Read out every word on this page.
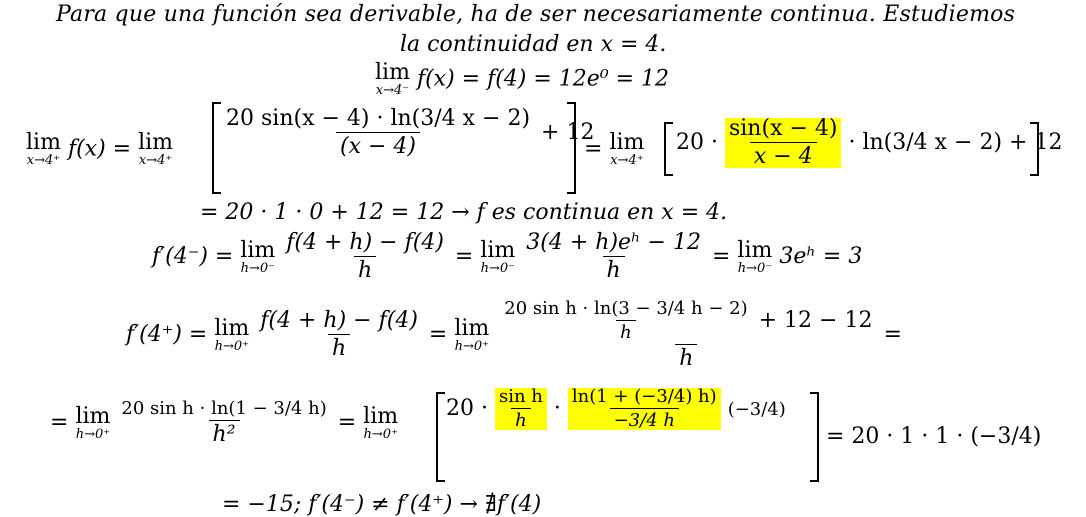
Para que una función sea derivable, ha de ser necesariamente continua. Estudiemos
la continuidad en x = 4.
lim
x→4⁻ f(x) = f(4) = 12e⁰ = 12
lim
x→4⁺ f(x) = lim
x→4⁺
$\frac{20 \sin(x - 4) \cdot \ln(3/4 x - 2)}{(x - 4)} + 12$
= lim
x→4⁺
$20 \cdot \frac{\sin(x - 4)}{x - 4} \cdot \ln(3/4$ x − 2) + 12
= 20 · 1 · 0 + 12 = 12 → f es continua en x = 4.
f′(4⁻) = lim
h→0⁻
$\frac{f(4 + h) - f(4)}{h} = \lim$
h→0⁻
$\frac{\text{3(4 + h)eʰ − 12}}{h} = \lim$
h→0⁻ 3eʰ = 3
f′(4⁺) = lim
h→0⁺
$\frac{f(4 + h) - f(4)}{h} = \lim$
h→0⁺
$\frac{\frac{\text{20 sin h · ln(3 − 3/4 h − 2)}}{h} + 12 - 12}{h}$ =
= lim
h→0⁺
$\frac{\text{20 sin h · ln(1 − 3/4 h)}}{\text{h²}} = \lim$
h→0⁺
$20 \cdot \frac{\text{sin h}}{h} \cdot \frac{\ln(1 + (-3/4) h)}{-3/4 h} (-3/4)$
= 20 · 1 · 1 · (−3/4)
= −15; f′(4⁻) ≠ f′(4⁺) → ∄f′(4)
